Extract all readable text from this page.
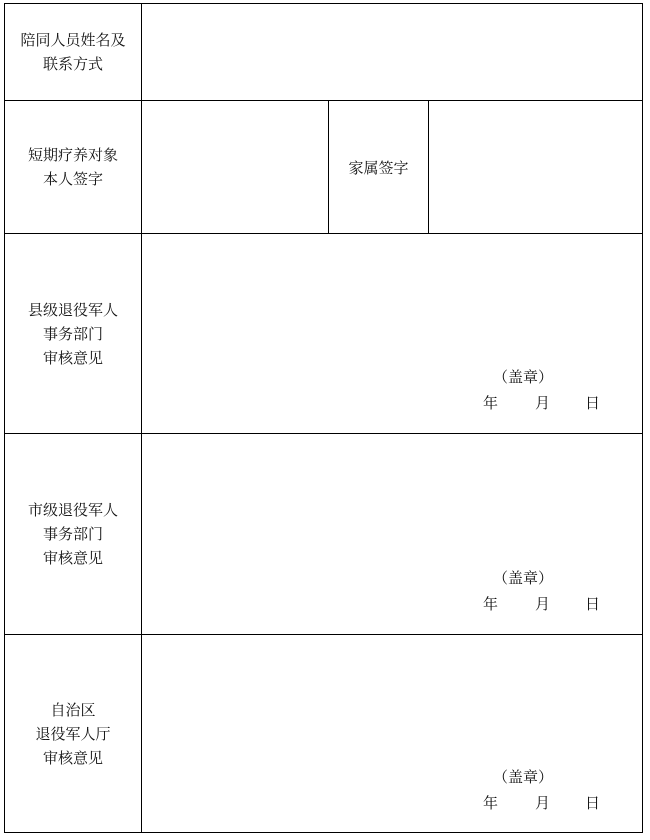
陪同人员姓名及
联系方式
短期疗养对象
本人签字
家属签字
县级退役军人
事务部门
审核意见
（盖章）
年 月 日
市级退役军人
事务部门
审核意见
（盖章）
年 月 日
自治区
退役军人厅
审核意见
（盖章）
年 月 日
